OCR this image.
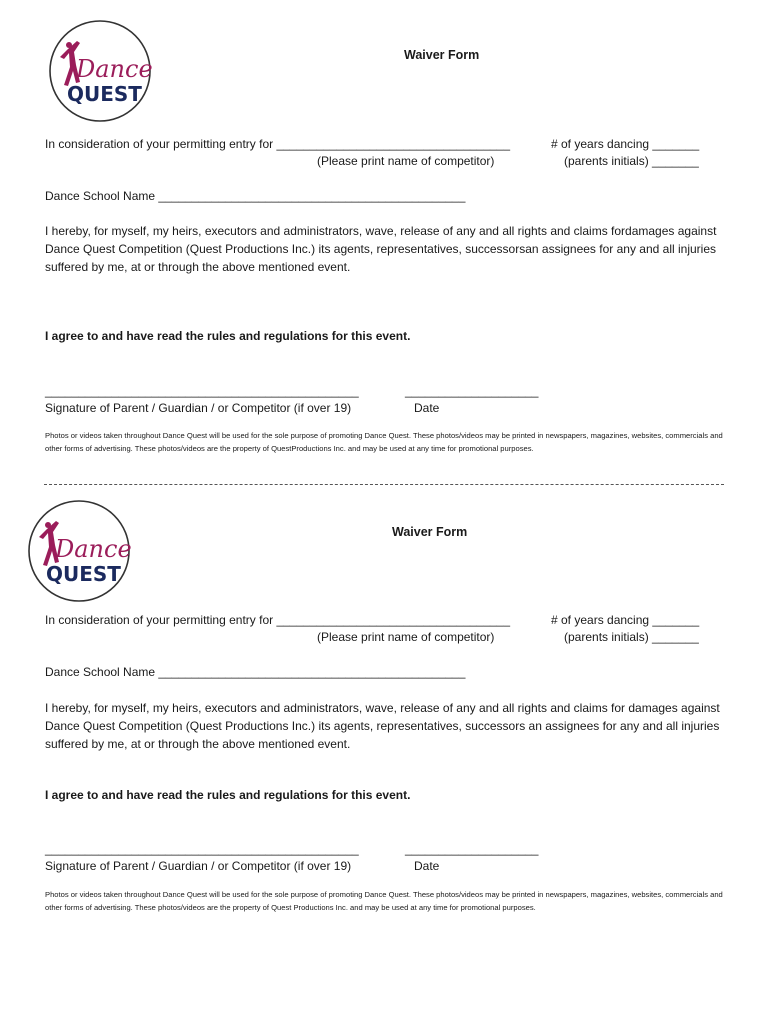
Dance
QUEST
Waiver Form
In consideration of your permitting entry for ___________________________________	# of years dancing _______
(Please print name of competitor)	(parents initials) _______
Dance School Name ______________________________________________
I hereby, for myself, my heirs, executors and administrators, wave, release of any and all rights and claims fordamages against Dance Quest Competition (Quest Productions Inc.) its agents, representatives, successorsan assignees for any and all injuries suffered by me, at or through the above mentioned event.
I agree to and have read the rules and regulations for this event.
_______________________________________________	____________________
Signature of Parent / Guardian / or Competitor (if over 19)	Date
Photos or videos taken throughout Dance Quest will be used for the sole purpose of promoting Dance Quest. These photos/videos may be printed in newspapers, magazines, websites, commercials and other forms of advertising. These photos/videos are the property of QuestProductions Inc. and may be used at any time for promotional purposes.
Dance
QUEST
Waiver Form
In consideration of your permitting entry for ___________________________________	# of years dancing _______
(Please print name of competitor)	(parents initials) _______
Dance School Name ______________________________________________
I hereby, for myself, my heirs, executors and administrators, wave, release of any and all rights and claims for damages against Dance Quest Competition (Quest Productions Inc.) its agents, representatives, successors an assignees for any and all injuries suffered by me, at or through the above mentioned event.
I agree to and have read the rules and regulations for this event.
_______________________________________________	____________________
Signature of Parent / Guardian / or Competitor (if over 19)	Date
Photos or videos taken throughout Dance Quest will be used for the sole purpose of promoting Dance Quest. These photos/videos may be printed in newspapers, magazines, websites, commercials and other forms of advertising. These photos/videos are the property of Quest Productions Inc. and may be used at any time for promotional purposes.
